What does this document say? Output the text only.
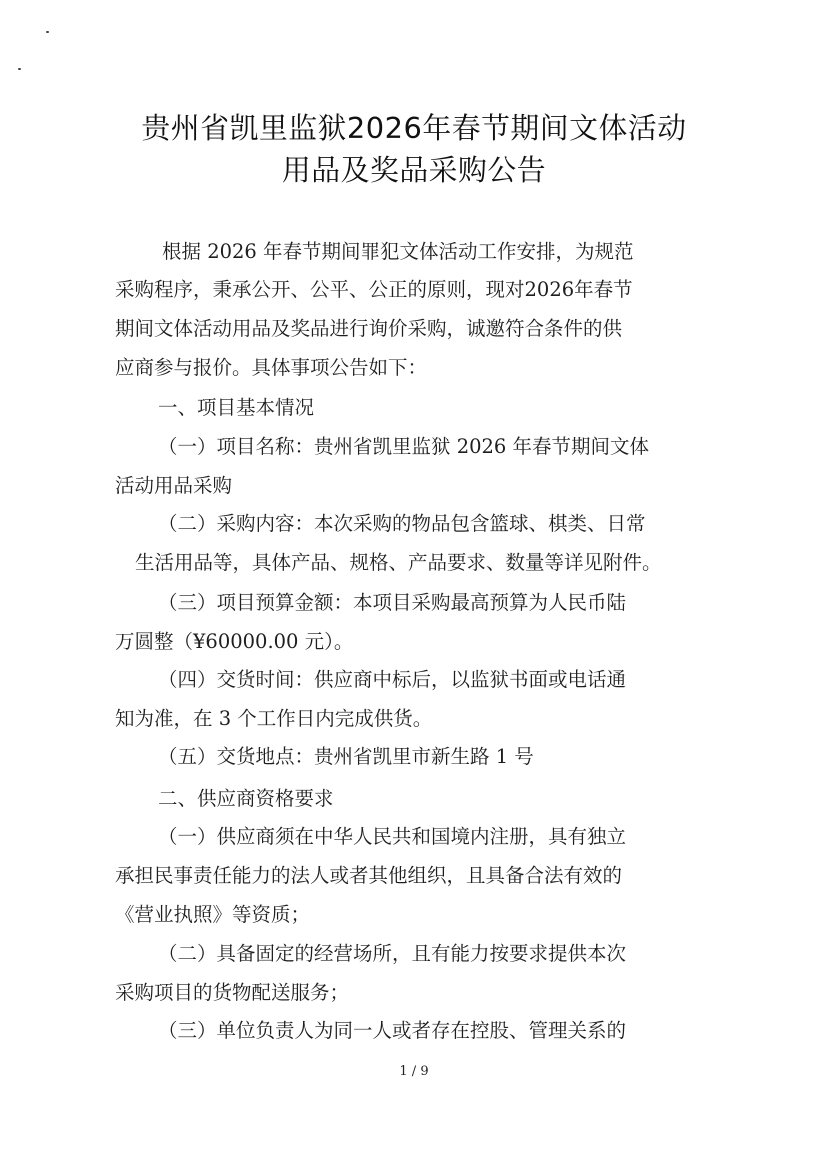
贵州省凯里监狱2026年春节期间文体活动
用品及奖品采购公告
根据 2026 年春节期间罪犯文体活动工作安排，为规范
采购程序，秉承公开、公平、公正的原则，现对2026年春节
期间文体活动用品及奖品进行询价采购，诚邀符合条件的供
应商参与报价。具体事项公告如下：
一、项目基本情况
（一）项目名称：贵州省凯里监狱 2026 年春节期间文体
活动用品采购
（二）采购内容：本次采购的物品包含篮球、棋类、日常
生活用品等，具体产品、规格、产品要求、数量等详见附件。
（三）项目预算金额：本项目采购最高预算为人民币陆
万圆整（¥60000.00 元）。
（四）交货时间：供应商中标后，以监狱书面或电话通
知为准，在 3 个工作日内完成供货。
（五）交货地点：贵州省凯里市新生路 1 号
二、供应商资格要求
（一）供应商须在中华人民共和国境内注册，具有独立
承担民事责任能力的法人或者其他组织，且具备合法有效的
《营业执照》等资质；
（二）具备固定的经营场所，且有能力按要求提供本次
采购项目的货物配送服务；
（三）单位负责人为同一人或者存在控股、管理关系的
1 / 9
